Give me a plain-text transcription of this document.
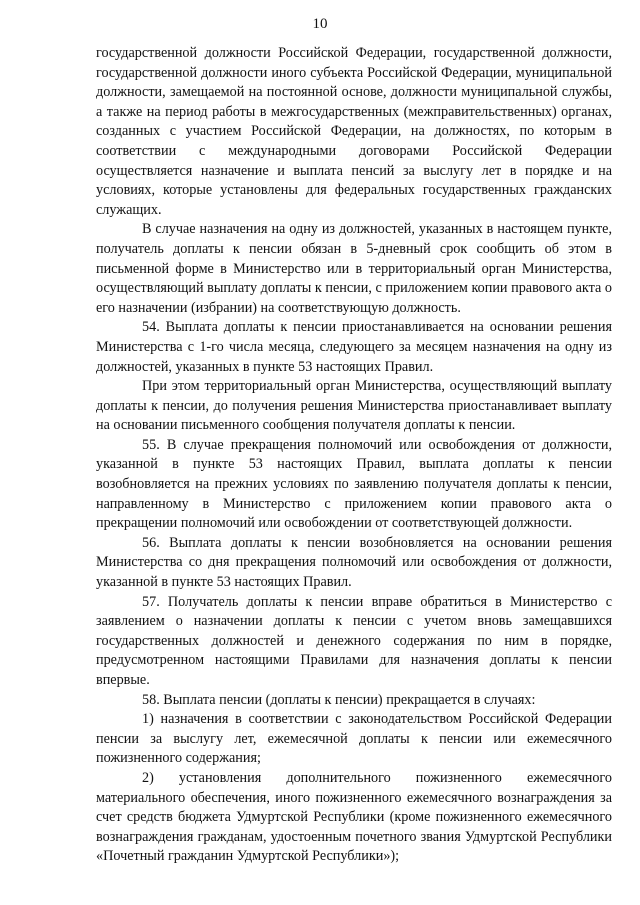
10

государственной должности Российской Федерации, государственной должности, государственной должности иного субъекта Российской Федерации, муниципальной должности, замещаемой на постоянной основе, должности муниципальной службы, а также на период работы в межгосударственных (межправительственных) органах, созданных с участием Российской Федерации, на должностях, по которым в соответствии с международными договорами Российской Федерации осуществляется назначение и выплата пенсий за выслугу лет в порядке и на условиях, которые установлены для федеральных государственных гражданских служащих.

В случае назначения на одну из должностей, указанных в настоящем пункте, получатель доплаты к пенсии обязан в 5-дневный срок сообщить об этом в письменной форме в Министерство или в территориальный орган Министерства, осуществляющий выплату доплаты к пенсии, с приложением копии правового акта о его назначении (избрании) на соответствующую должность.

54. Выплата доплаты к пенсии приостанавливается на основании решения Министерства с 1-го числа месяца, следующего за месяцем назначения на одну из должностей, указанных в пункте 53 настоящих Правил.

При этом территориальный орган Министерства, осуществляющий выплату доплаты к пенсии, до получения решения Министерства приостанавливает выплату на основании письменного сообщения получателя доплаты к пенсии.

55. В случае прекращения полномочий или освобождения от должности, указанной в пункте 53 настоящих Правил, выплата доплаты к пенсии возобновляется на прежних условиях по заявлению получателя доплаты к пенсии, направленному в Министерство с приложением копии правового акта о прекращении полномочий или освобождении от соответствующей должности.

56. Выплата доплаты к пенсии возобновляется на основании решения Министерства со дня прекращения полномочий или освобождения от должности, указанной в пункте 53 настоящих Правил.

57. Получатель доплаты к пенсии вправе обратиться в Министерство с заявлением о назначении доплаты к пенсии с учетом вновь замещавшихся государственных должностей и денежного содержания по ним в порядке, предусмотренном настоящими Правилами для назначения доплаты к пенсии впервые.

58. Выплата пенсии (доплаты к пенсии) прекращается в случаях:

1) назначения в соответствии с законодательством Российской Федерации пенсии за выслугу лет, ежемесячной доплаты к пенсии или ежемесячного пожизненного содержания;

2) установления дополнительного пожизненного ежемесячного материального обеспечения, иного пожизненного ежемесячного вознаграждения за счет средств бюджета Удмуртской Республики (кроме пожизненного ежемесячного вознаграждения гражданам, удостоенным почетного звания Удмуртской Республики «Почетный гражданин Удмуртской Республики»);
